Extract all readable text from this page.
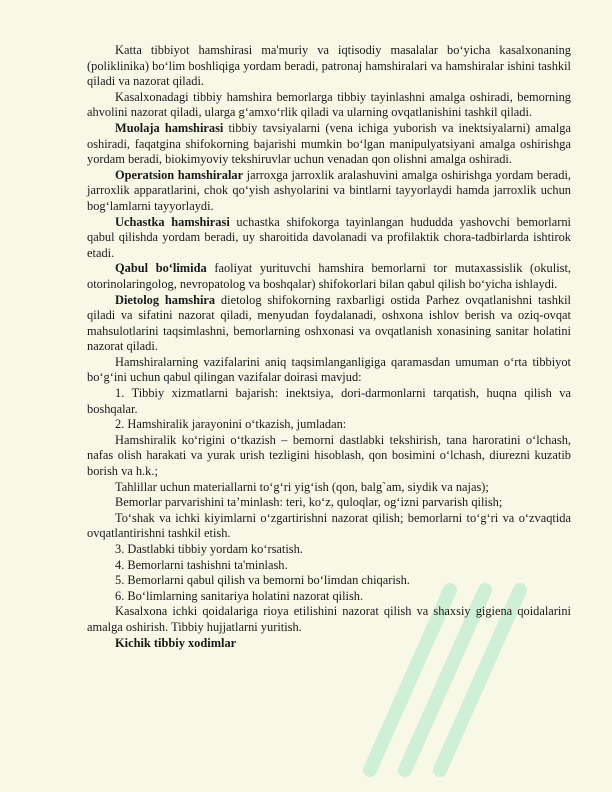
Katta tibbiyot hamshirasi ma'muriy va iqtisodiy masalalar bo‘yicha kasalxonaning (poliklinika) bo‘lim boshliqiga yordam beradi, patronaj hamshiralari va hamshiralar ishini tashkil qiladi va nazorat qiladi.

Kasalxonadagi tibbiy hamshira bemorlarga tibbiy tayinlashni amalga oshiradi, bemorning ahvolini nazorat qiladi, ularga g‘amxo‘rlik qiladi va ularning ovqatlanishini tashkil qiladi.

Muolaja hamshirasi tibbiy tavsiyalarni (vena ichiga yuborish va inektsiyalarni) amalga oshiradi, faqatgina shifokorning bajarishi mumkin bo‘lgan manipulyatsiyani amalga oshirishga yordam beradi, biokimyoviy tekshiruvlar uchun venadan qon olishni amalga oshiradi.

Operatsion hamshiralar jarroxga jarroxlik aralashuvini amalga oshirishga yordam beradi, jarroxlik apparatlarini, chok qo‘yish ashyolarini va bintlarni tayyorlaydi hamda jarroxlik uchun bog‘lamlarni tayyorlaydi.

Uchastka hamshirasi uchastka shifokorga tayinlangan hududda yashovchi bemorlarni qabul qilishda yordam beradi, uy sharoitida davolanadi va profilaktik chora-tadbirlarda ishtirok etadi.

Qabul bo‘limida faoliyat yurituvchi hamshira bemorlarni tor mutaxassislik (okulist, otorinolaringolog, nevropatolog va boshqalar) shifokorlari bilan qabul qilish bo‘yicha ishlaydi.

Dietolog hamshira dietolog shifokorning raxbarligi ostida Parhez ovqatlanishni tashkil qiladi va sifatini nazorat qiladi, menyudan foydalanadi, oshxona ishlov berish va oziq-ovqat mahsulotlarini taqsimlashni, bemorlarning oshxonasi va ovqatlanish xonasining sanitar holatini nazorat qiladi.

Hamshiralarning vazifalarini aniq taqsimlanganligiga qaramasdan umuman o‘rta tibbiyot bo‘g‘ini uchun qabul qilingan vazifalar doirasi mavjud:

1. Tibbiy xizmatlarni bajarish: inektsiya, dori-darmonlarni tarqatish, huqna qilish va boshqalar.

2. Hamshiralik jarayonini o‘tkazish, jumladan:

Hamshiralik ko‘rigini o‘tkazish – bemorni dastlabki tekshirish, tana haroratini o‘lchash, nafas olish harakati va yurak urish tezligini hisoblash, qon bosimini o‘lchash, diurezni kuzatib borish va h.k.;

Tahlillar uchun materiallarni to‘g‘ri yig‘ish (qon, balg`am, siydik va najas);

Bemorlar parvarishini ta’minlash: teri, ko‘z, quloqlar, og‘izni parvarish qilish;

To‘shak va ichki kiyimlarni o‘zgartirishni nazorat qilish; bemorlarni to‘g‘ri va o‘zvaqtida ovqatlantirishni tashkil etish.

3. Dastlabki tibbiy yordam ko‘rsatish.

4. Bemorlarni tashishni ta'minlash.

5. Bemorlarni qabul qilish va bemorni bo‘limdan chiqarish.

6. Bo‘limlarning sanitariya holatini nazorat qilish.

Kasalxona ichki qoidalariga rioya etilishini nazorat qilish va shaxsiy gigiena qoidalarini amalga oshirish. Tibbiy hujjatlarni yuritish.

Kichik tibbiy xodimlar
